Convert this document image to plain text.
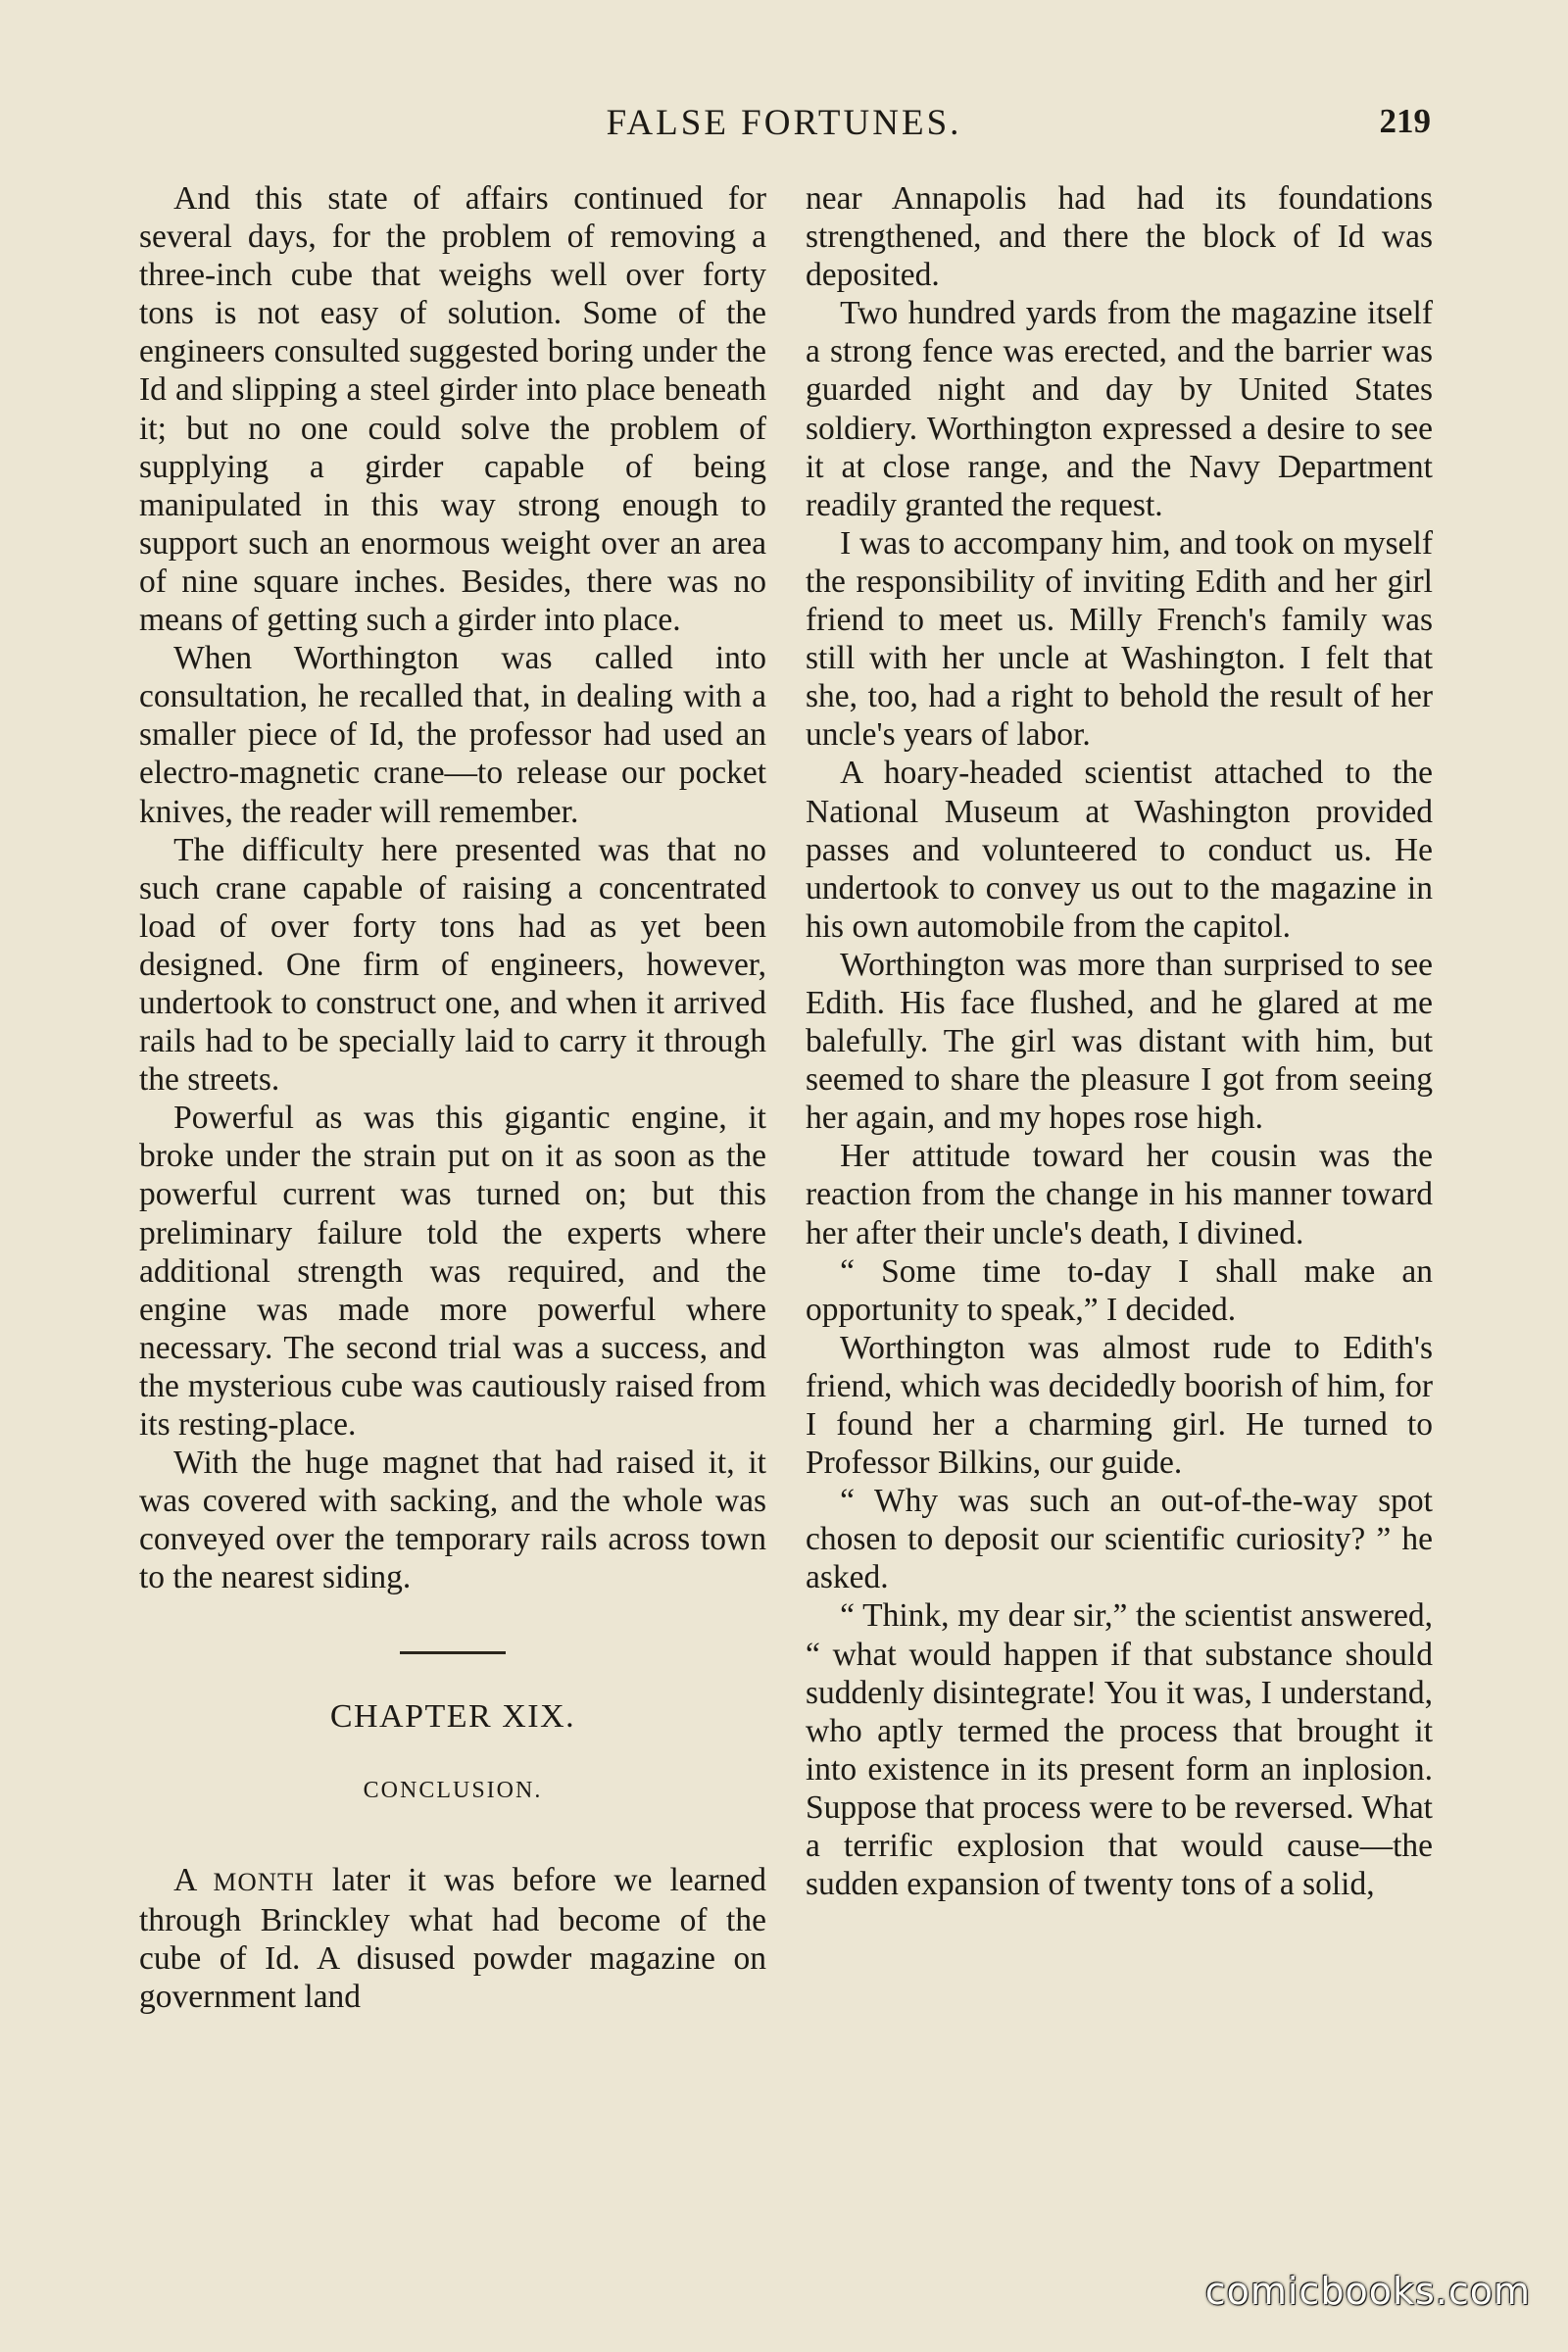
FALSE FORTUNES.	219

And this state of affairs continued for several days, for the problem of removing a three-inch cube that weighs well over forty tons is not easy of solution. Some of the engineers consulted suggested boring under the Id and slipping a steel girder into place beneath it; but no one could solve the problem of supplying a girder capable of being manipulated in this way strong enough to support such an enormous weight over an area of nine square inches. Besides, there was no means of getting such a girder into place.

When Worthington was called into consultation, he recalled that, in dealing with a smaller piece of Id, the professor had used an electro-magnetic crane—to release our pocket knives, the reader will remember.

The difficulty here presented was that no such crane capable of raising a concentrated load of over forty tons had as yet been designed. One firm of engineers, however, undertook to construct one, and when it arrived rails had to be specially laid to carry it through the streets.

Powerful as was this gigantic engine, it broke under the strain put on it as soon as the powerful current was turned on; but this preliminary failure told the experts where additional strength was required, and the engine was made more powerful where necessary. The second trial was a success, and the mysterious cube was cautiously raised from its resting-place.

With the huge magnet that had raised it, it was covered with sacking, and the whole was conveyed over the temporary rails across town to the nearest siding.

CHAPTER XIX.
CONCLUSION.

A MONTH later it was before we learned through Brinckley what had become of the cube of Id. A disused powder magazine on government land

near Annapolis had had its foundations strengthened, and there the block of Id was deposited.

Two hundred yards from the magazine itself a strong fence was erected, and the barrier was guarded night and day by United States soldiery. Worthington expressed a desire to see it at close range, and the Navy Department readily granted the request.

I was to accompany him, and took on myself the responsibility of inviting Edith and her girl friend to meet us. Milly French's family was still with her uncle at Washington. I felt that she, too, had a right to behold the result of her uncle's years of labor.

A hoary-headed scientist attached to the National Museum at Washington provided passes and volunteered to conduct us. He undertook to convey us out to the magazine in his own automobile from the capitol.

Worthington was more than surprised to see Edith. His face flushed, and he glared at me balefully. The girl was distant with him, but seemed to share the pleasure I got from seeing her again, and my hopes rose high.

Her attitude toward her cousin was the reaction from the change in his manner toward her after their uncle's death, I divined.

“ Some time to-day I shall make an opportunity to speak,” I decided.

Worthington was almost rude to Edith's friend, which was decidedly boorish of him, for I found her a charming girl. He turned to Professor Bilkins, our guide.

“ Why was such an out-of-the-way spot chosen to deposit our scientific curiosity? ” he asked.

“ Think, my dear sir,” the scientist answered, “ what would happen if that substance should suddenly disintegrate! You it was, I understand, who aptly termed the process that brought it into existence in its present form an inplosion. Suppose that process were to be reversed. What a terrific explosion that would cause—the sudden expansion of twenty tons of a solid,

comicbooks.com
